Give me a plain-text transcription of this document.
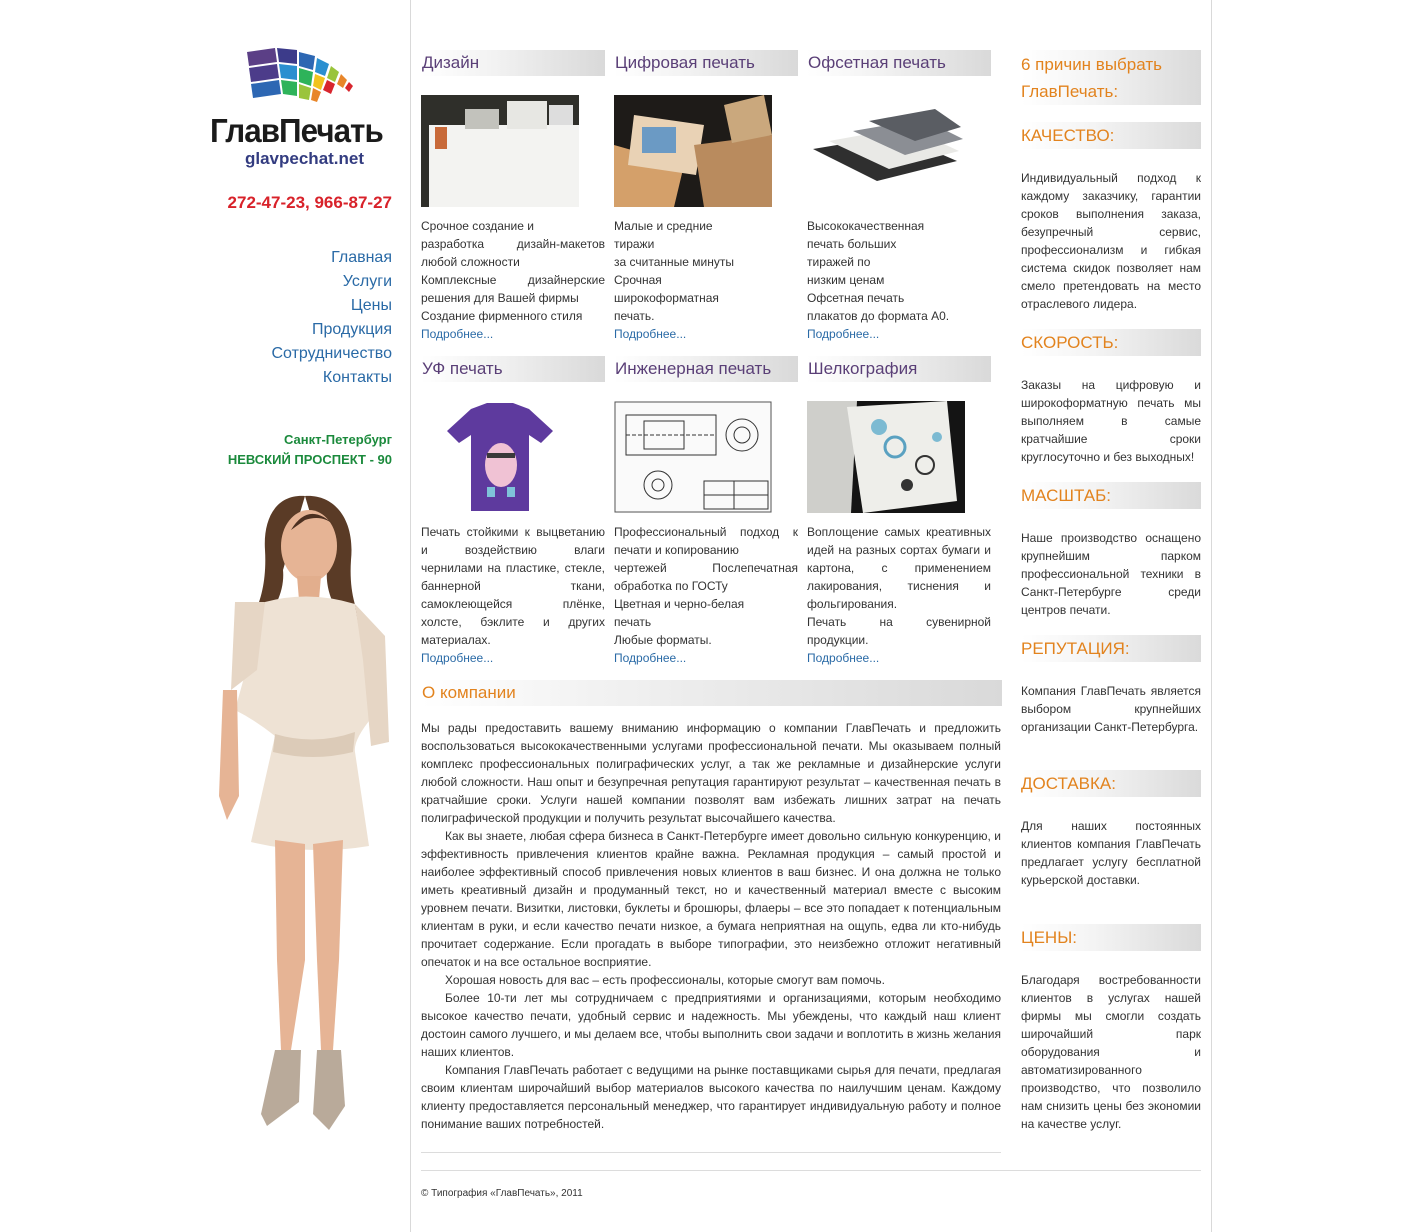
ГлавПечать
glavpechat.net
272-47-23, 966-87-27
Главная
Услуги
Цены
Продукция
Сотрудничество
Контакты
Санкт-Петербург
НЕВСКИЙ ПРОСПЕКТ - 90
Дизайн

Срочное создание и

разработка дизайн-макетов

любой сложности

Комплексные дизайнерские

решения для Вашей фирмы

Создание фирменного стиля

Подробнее...
Цифровая печать

Малые и средние

тиражи

за считанные минуты

Срочная

широкоформатная

печать.

Подробнее...
Офсетная печать

Высококачественная

печать больших

тиражей по

низким ценам

Офсетная печать

плакатов до формата А0.

Подробнее...
УФ печать

Печать стойкими к выцветанию

и воздействию влаги

чернилами на пластике, стекле,

баннерной ткани,

самоклеющейся плёнке,

холсте, бэклите и других

материалах.

Подробнее...
Инженерная печать

Профессиональный подход к

печати и копированию

чертежей Послепечатная

обработка по ГОСТу

Цветная и черно-белая

печать

Любые форматы.

Подробнее...
Шелкография

Воплощение самых креативных

идей на разных сортах бумаги и

картона, с применением

лакирования, тиснения и

фольгирования.

Печать на сувенирной

продукции.

Подробнее...
О компании

Мы рады предоставить вашему вниманию информацию о компании ГлавПечать и предложить воспользоваться высококачественными услугами профессиональной печати. Мы оказываем полный комплекс профессиональных полиграфических услуг, а так же рекламные и дизайнерские услуги любой сложности. Наш опыт и безупречная репутация гарантируют результат – качественная печать в кратчайшие сроки. Услуги нашей компании позволят вам избежать лишних затрат на печать полиграфической продукции и получить результат высочайшего качества.

Как вы знаете, любая сфера бизнеса в Санкт-Петербурге имеет довольно сильную конкуренцию, и эффективность привлечения клиентов крайне важна. Рекламная продукция – самый простой и наиболее эффективный способ привлечения новых клиентов в ваш бизнес. И она должна не только иметь креативный дизайн и продуманный текст, но и качественный материал вместе с высоким уровнем печати. Визитки, листовки, буклеты и брошюры, флаеры – все это попадает к потенциальным клиентам в руки, и если качество печати низкое, а бумага неприятная на ощупь, едва ли кто-нибудь прочитает содержание. Если прогадать в выборе типографии, это неизбежно отложит негативный опечаток и на все остальное восприятие.

Хорошая новость для вас – есть профессионалы, которые смогут вам помочь.

Более 10-ти лет мы сотрудничаем с предприятиями и организациями, которым необходимо высокое качество печати, удобный сервис и надежность. Мы убеждены, что каждый наш клиент достоин самого лучшего, и мы делаем все, чтобы выполнить свои задачи и воплотить в жизнь желания наших клиентов.

Компания ГлавПечать работает с ведущими на рынке поставщиками сырья для печати, предлагая своим клиентам широчайший выбор материалов высокого качества по наилучшим ценам. Каждому клиенту предоставляется персональный менеджер, что гарантирует индивидуальную работу и полное понимание ваших потребностей.

© Типография «ГлавПечать», 2011
6 причин выбрать
ГлавПечать:
КАЧЕСТВО:
Индивидуальный подход к каждому заказчику, гарантии сроков выполнения заказа, безупречный сервис, профессионализм и гибкая система скидок позволяет нам смело претендовать на место отраслевого лидера.
СКОРОСТЬ:
Заказы на цифровую и широкоформатную печать мы выполняем в самые кратчайшие сроки круглосуточно и без выходных!
МАСШТАБ:
Наше производство оснащено крупнейшим парком профессиональной техники в Санкт-Петербурге среди центров печати.
РЕПУТАЦИЯ:
Компания ГлавПечать является выбором крупнейших организации Санкт-Петербурга.
ДОСТАВКА:
Для наших постоянных клиентов компания ГлавПечать предлагает услугу бесплатной курьерской доставки.
ЦЕНЫ:
Благодаря востребованности клиентов в услугах нашей фирмы мы смогли создать широчайший парк оборудования и автоматизированного производство, что позволило нам снизить цены без экономии на качестве услуг.
